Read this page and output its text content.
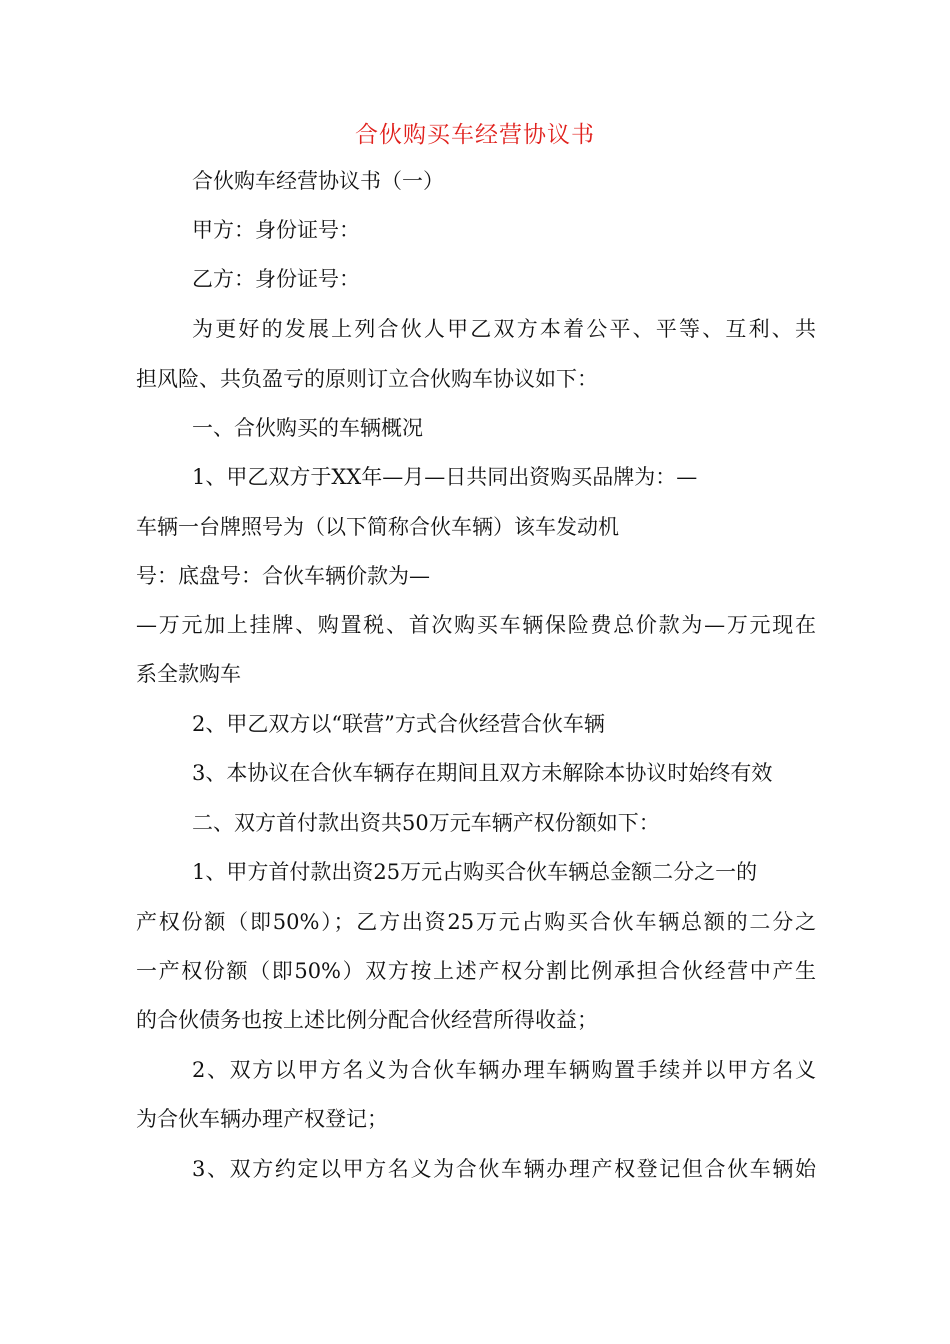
合伙购买车经营协议书
合伙购车经营协议书（一）
甲方：身份证号：
乙方：身份证号：
为更好的发展上列合伙人甲乙双方本着公平、平等、互利、共
担风险、共负盈亏的原则订立合伙购车协议如下：
一、合伙购买的车辆概况
1、甲乙双方于XX年—月—日共同出资购买品牌为：—
车辆一台牌照号为（以下简称合伙车辆）该车发动机
号：底盘号：合伙车辆价款为—
—万元加上挂牌、购置税、首次购买车辆保险费总价款为—万元现在
系全款购车
2、甲乙双方以“联营”方式合伙经营合伙车辆
3、本协议在合伙车辆存在期间且双方未解除本协议时始终有效
二、双方首付款出资共50万元车辆产权份额如下：
1、甲方首付款出资25万元占购买合伙车辆总金额二分之一的
产权份额（即50%）；乙方出资25万元占购买合伙车辆总额的二分之
一产权份额（即50%）双方按上述产权分割比例承担合伙经营中产生
的合伙债务也按上述比例分配合伙经营所得收益；
2、双方以甲方名义为合伙车辆办理车辆购置手续并以甲方名义
为合伙车辆办理产权登记；
3、双方约定以甲方名义为合伙车辆办理产权登记但合伙车辆始
